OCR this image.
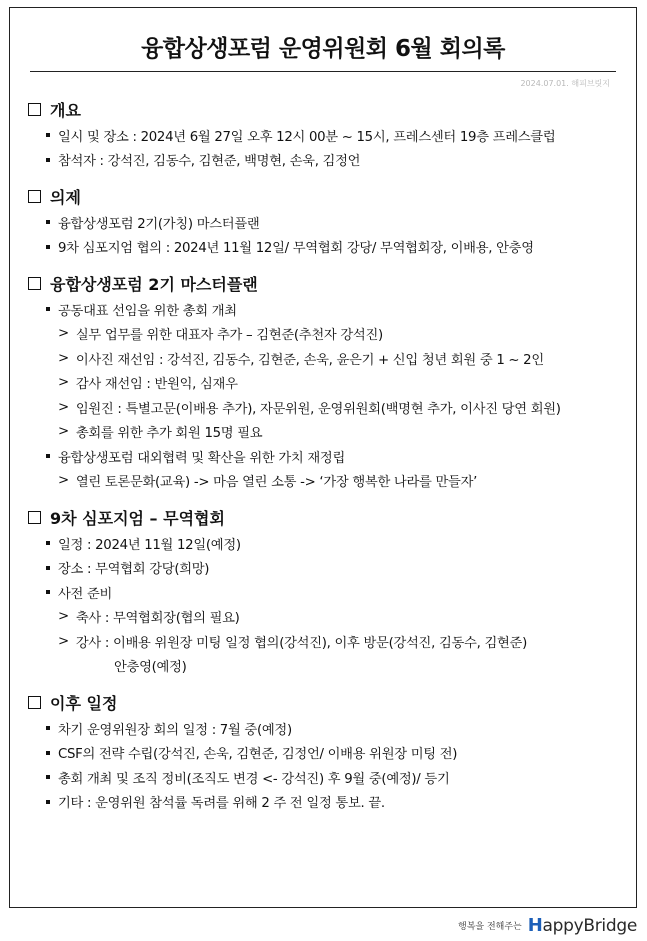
융합상생포럼 운영위원회 6월 회의록
2024.07.01. 해피브릿지
개요
일시 및 장소 : 2024년 6월 27일 오후 12시 00분 ~ 15시, 프레스센터 19층 프레스클럽
참석자 : 강석진, 김동수, 김현준, 백명현, 손욱, 김정언
의제
융합상생포럼 2기(가칭) 마스터플랜
9차 심포지엄 협의 : 2024년 11월 12일/ 무역협회 강당/ 무역협회장, 이배용, 안충영
융합상생포럼 2기 마스터플랜
공동대표 선임을 위한 총회 개최
> 실무 업무를 위한 대표자 추가 – 김현준(추천자 강석진)
> 이사진 재선임 : 강석진, 김동수, 김현준, 손욱, 윤은기 + 신입 청년 회원 중 1 ~ 2인
> 감사 재선임 : 반원익, 심재우
> 임원진 : 특별고문(이배용 추가), 자문위원, 운영위원회(백명현 추가, 이사진 당연 회원)
> 총회를 위한 추가 회원 15명 필요
융합상생포럼 대외협력 및 확산을 위한 가치 재정립
> 열린 토론문화(교육) -> 마음 열린 소통 -> ‘가장 행복한 나라를 만들자’
9차 심포지엄 – 무역협회
일정 : 2024년 11월 12일(예정)
장소 : 무역협회 강당(희망)
사전 준비
> 축사 : 무역협회장(협의 필요)
> 강사 : 이배용 위원장 미팅 일정 협의(강석진), 이후 방문(강석진, 김동수, 김현준)
안충영(예정)
이후 일정
차기 운영위원장 회의 일정 : 7월 중(예정)
CSF의 전략 수립(강석진, 손욱, 김현준, 김정언/ 이배용 위원장 미팅 전)
총회 개최 및 조직 정비(조직도 변경 <- 강석진) 후 9월 중(예정)/ 등기
기타 : 운영위원 참석률 독려를 위해 2 주 전 일정 통보. 끝.
행복을 전해주는 H appyBridge
